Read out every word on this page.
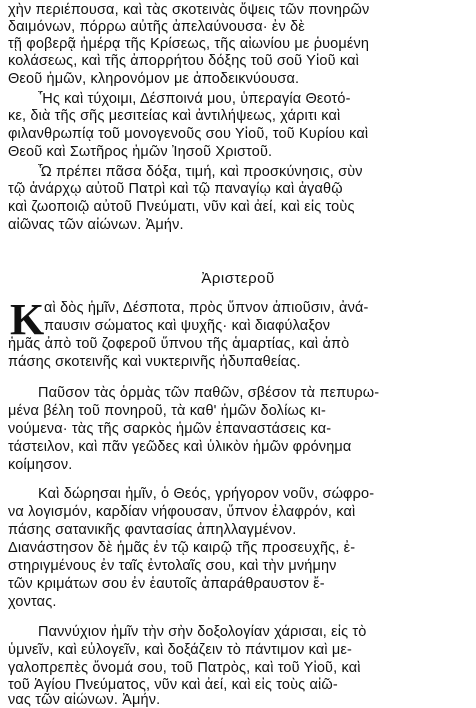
χὴν περιέπουσα, καὶ τὰς σκοτεινὰς ὄψεις τῶν πονηρῶν
δαιμόνων, πόρρω αὐτῆς ἀπελαύνουσα· ἐν δὲ
τῇ φοβερᾷ ἡμέρᾳ τῆς Κρίσεως, τῆς αἰωνίου με ῥυομένη
κολάσεως, καὶ τῆς ἀπορρήτου δόξης τοῦ σοῦ Υἱοῦ καὶ
Θεοῦ ἡμῶν, κληρονόμον με ἀποδεικνύουσα.
Ἧς καὶ τύχοιμι, Δέσποινά μου, ὑπεραγία Θεοτό-
κε, διὰ τῆς σῆς μεσιτείας καὶ ἀντιλήψεως, χάριτι καὶ
φιλανθρωπίᾳ τοῦ μονογενοῦς σου Υἱοῦ, τοῦ Κυρίου καὶ
Θεοῦ καὶ Σωτῆρος ἡμῶν Ἰησοῦ Χριστοῦ.
Ὧ πρέπει πᾶσα δόξα, τιμή, καὶ προσκύνησις, σὺν
τῷ ἀνάρχῳ αὐτοῦ Πατρὶ καὶ τῷ παναγίῳ καὶ ἀγαθῷ
καὶ ζωοποιῷ αὐτοῦ Πνεύματι, νῦν καὶ ἀεί, καὶ εἰς τοὺς
αἰῶνας τῶν αἰώνων. Ἀμήν.
Ἀριστεροῦ
Κ αὶ δὸς ἡμῖν, Δέσποτα, πρὸς ὕπνον ἀπιοῦσιν, ἀνά-
παυσιν σώματος καὶ ψυχῆς· καὶ διαφύλαξον
ἡμᾶς ἀπὸ τοῦ ζοφεροῦ ὕπνου τῆς ἁμαρτίας, καὶ ἀπὸ
πάσης σκοτεινῆς καὶ νυκτερινῆς ἡδυπαθείας.
Παῦσον τὰς ὁρμὰς τῶν παθῶν, σβέσον τὰ πεπυρω-
μένα βέλη τοῦ πονηροῦ, τὰ καθ' ἡμῶν δολίως κι-
νούμενα· τὰς τῆς σαρκὸς ἡμῶν ἐπαναστάσεις κα-
τάστειλον, καὶ πᾶν γεῶδες καὶ ὑλικὸν ἡμῶν φρόνημα
κοίμησον.
Καὶ δώρησαι ἡμῖν, ὁ Θεός, γρήγορον νοῦν, σώφρο-
να λογισμόν, καρδίαν νήφουσαν, ὕπνον ἐλαφρόν, καὶ
πάσης σατανικῆς φαντασίας ἀπηλλαγμένον.
Διανάστησον δὲ ἡμᾶς ἐν τῷ καιρῷ τῆς προσευχῆς, ἐ-
στηριγμένους ἐν ταῖς ἐντολαῖς σου, καὶ τὴν μνήμην
τῶν κριμάτων σου ἐν ἑαυτοῖς ἀπαράθραυστον ἔ-
χοντας.
Παννύχιον ἡμῖν τὴν σὴν δοξολογίαν χάρισαι, εἰς τὸ
ὑμνεῖν, καὶ εὐλογεῖν, καὶ δοξάζειν τὸ πάντιμον καὶ με-
γαλοπρεπὲς ὄνομά σου, τοῦ Πατρὸς, καὶ τοῦ Υἱοῦ, καὶ
τοῦ Ἁγίου Πνεύματος, νῦν καὶ ἀεί, καὶ εἰς τοὺς αἰῶ-
νας τῶν αἰώνων. Ἀμήν.
